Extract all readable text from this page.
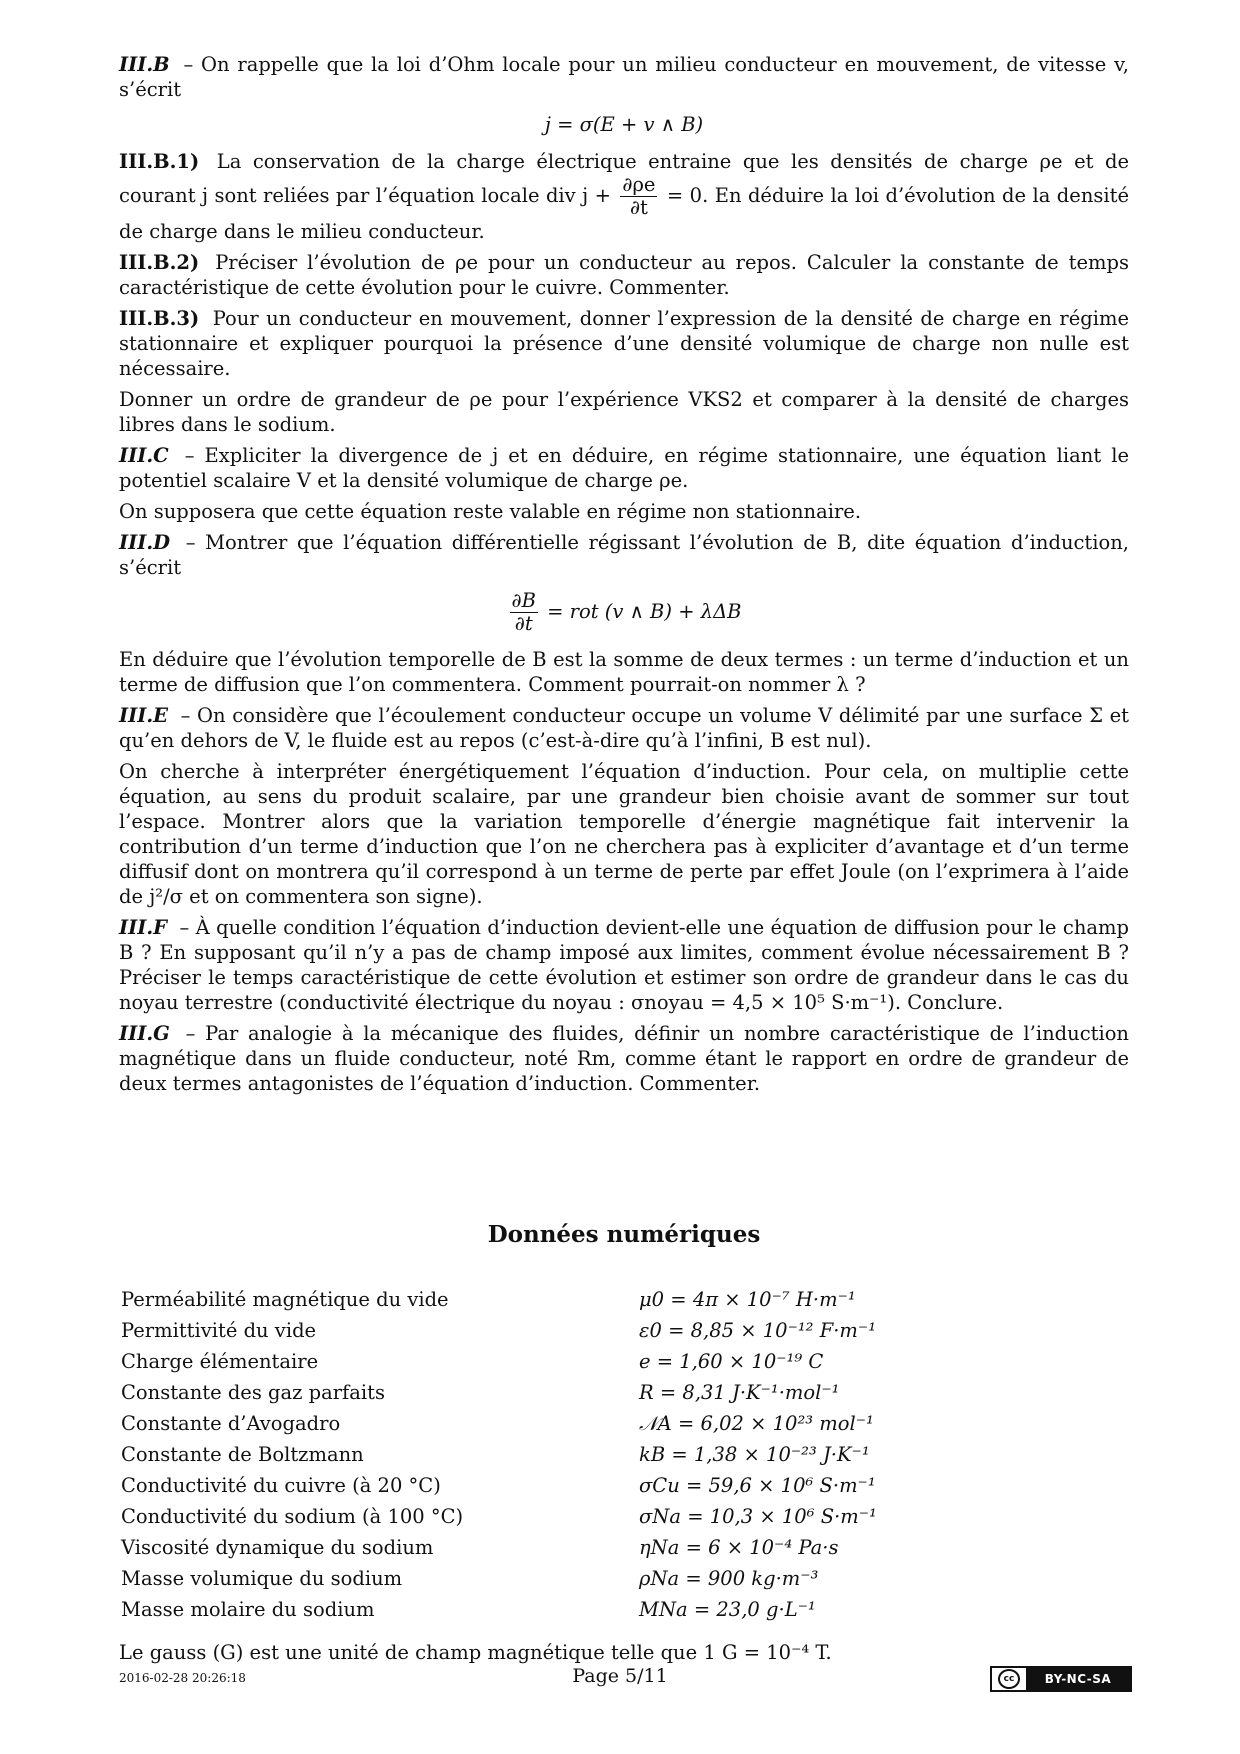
III.B – On rappelle que la loi d’Ohm locale pour un milieu conducteur en mouvement, de vitesse v, s’écrit

j = σ(E + v ∧ B)

III.B.1) La conservation de la charge électrique entraine que les densités de charge ρe et de courant j sont reliées par l’équation locale div $j + \frac{\partial\rho e}{\partial t} = 0$. En déduire la loi d’évolution de la densité de charge dans le milieu conducteur.

III.B.2) Préciser l’évolution de ρe pour un conducteur au repos. Calculer la constante de temps caractéristique de cette évolution pour le cuivre. Commenter.

III.B.3) Pour un conducteur en mouvement, donner l’expression de la densité de charge en régime stationnaire et expliquer pourquoi la présence d’une densité volumique de charge non nulle est nécessaire.

Donner un ordre de grandeur de ρe pour l’expérience VKS2 et comparer à la densité de charges libres dans le sodium.

III.C – Expliciter la divergence de j et en déduire, en régime stationnaire, une équation liant le potentiel scalaire V et la densité volumique de charge ρe.

On supposera que cette équation reste valable en régime non stationnaire.

III.D – Montrer que l’équation différentielle régissant l’évolution de B, dite équation d’induction, s’écrit

$\frac{\partial B}{\partial t}$ = rot (v ∧ B) + λΔB

En déduire que l’évolution temporelle de B est la somme de deux termes : un terme d’induction et un terme de diffusion que l’on commentera. Comment pourrait-on nommer λ ?

III.E – On considère que l’écoulement conducteur occupe un volume V délimité par une surface Σ et qu’en dehors de V, le fluide est au repos (c’est-à-dire qu’à l’infini, B est nul).

On cherche à interpréter énergétiquement l’équation d’induction. Pour cela, on multiplie cette équation, au sens du produit scalaire, par une grandeur bien choisie avant de sommer sur tout l’espace. Montrer alors que la variation temporelle d’énergie magnétique fait intervenir la contribution d’un terme d’induction que l’on ne cherchera pas à expliciter d’avantage et d’un terme diffusif dont on montrera qu’il correspond à un terme de perte par effet Joule (on l’exprimera à l’aide de j²/σ et on commentera son signe).

III.F – À quelle condition l’équation d’induction devient-elle une équation de diffusion pour le champ B ? En supposant qu’il n’y a pas de champ imposé aux limites, comment évolue nécessairement B ? Préciser le temps caractéristique de cette évolution et estimer son ordre de grandeur dans le cas du noyau terrestre (conductivité électrique du noyau : σnoyau = 4,5 × 10⁵ S·m⁻¹). Conclure.

III.G – Par analogie à la mécanique des fluides, définir un nombre caractéristique de l’induction magnétique dans un fluide conducteur, noté Rm, comme étant le rapport en ordre de grandeur de deux termes antagonistes de l’équation d’induction. Commenter.

Données numériques
Perméabilité magnétique du vide	μ0 = 4π × 10⁻⁷ H·m⁻¹
Permittivité du vide	ε0 = 8,85 × 10⁻¹² F·m⁻¹
Charge élémentaire	e = 1,60 × 10⁻¹⁹ C
Constante des gaz parfaits	R = 8,31 J·K⁻¹·mol⁻¹
Constante d’Avogadro	𝒩A = 6,02 × 10²³ mol⁻¹
Constante de Boltzmann	kB = 1,38 × 10⁻²³ J·K⁻¹
Conductivité du cuivre (à 20 °C)	σCu = 59,6 × 10⁶ S·m⁻¹
Conductivité du sodium (à 100 °C)	σNa = 10,3 × 10⁶ S·m⁻¹
Viscosité dynamique du sodium	ηNa = 6 × 10⁻⁴ Pa·s
Masse volumique du sodium	ρNa = 900 kg·m⁻³
Masse molaire du sodium	MNa = 23,0 g·L⁻¹

Le gauss (G) est une unité de champ magnétique telle que 1 G = 10⁻⁴ T.

2016-02-28 20:26:18	Page 5/11	cc	BY-NC-SA
